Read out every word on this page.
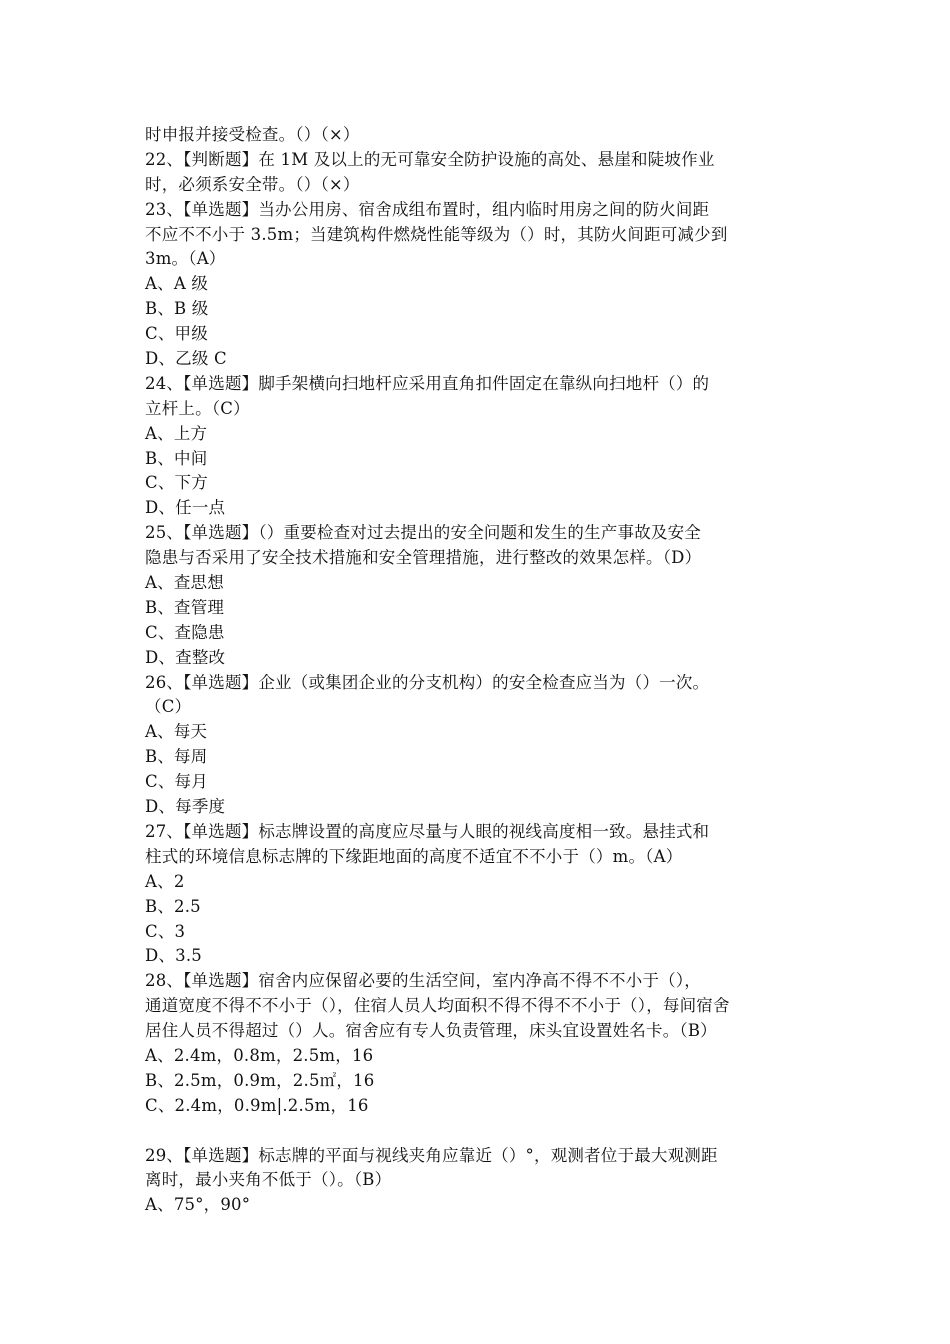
时申报并接受检查。（）（×）
22、【判断题】在 1M 及以上的无可靠安全防护设施的高处、悬崖和陡坡作业
时，必须系安全带。（）（×）
23、【单选题】当办公用房、宿舍成组布置时，组内临时用房之间的防火间距
不应不不小于 3.5m；当建筑构件燃烧性能等级为（）时，其防火间距可减少到
3m。（A）
A、A 级
B、B 级
C、甲级
D、乙级 C
24、【单选题】脚手架横向扫地杆应采用直角扣件固定在靠纵向扫地杆（）的
立杆上。（C）
A、上方
B、中间
C、下方
D、任一点
25、【单选题】（）重要检查对过去提出的安全问题和发生的生产事故及安全
隐患与否采用了安全技术措施和安全管理措施，进行整改的效果怎样。（D）
A、查思想
B、查管理
C、查隐患
D、查整改
26、【单选题】企业（或集团企业的分支机构）的安全检查应当为（）一次。
（C）
A、每天
B、每周
C、每月
D、每季度
27、【单选题】标志牌设置的高度应尽量与人眼的视线高度相一致。悬挂式和
柱式的环境信息标志牌的下缘距地面的高度不适宜不不小于（）m。（A）
A、2
B、2.5
C、3
D、3.5
28、【单选题】宿舍内应保留必要的生活空间，室内净高不得不不小于（），
通道宽度不得不不小于（），住宿人员人均面积不得不得不不小于（），每间宿舍
居住人员不得超过（）人。宿舍应有专人负责管理，床头宜设置姓名卡。（B）
A、2.4m，0.8m，2.5m，16
B、2.5m，0.9m，2.5㎡，16
C、2.4m，0.9m|.2.5m，16
29、【单选题】标志牌的平面与视线夹角应靠近（）°，观测者位于最大观测距
离时，最小夹角不低于（）。（B）
A、75°，90°
